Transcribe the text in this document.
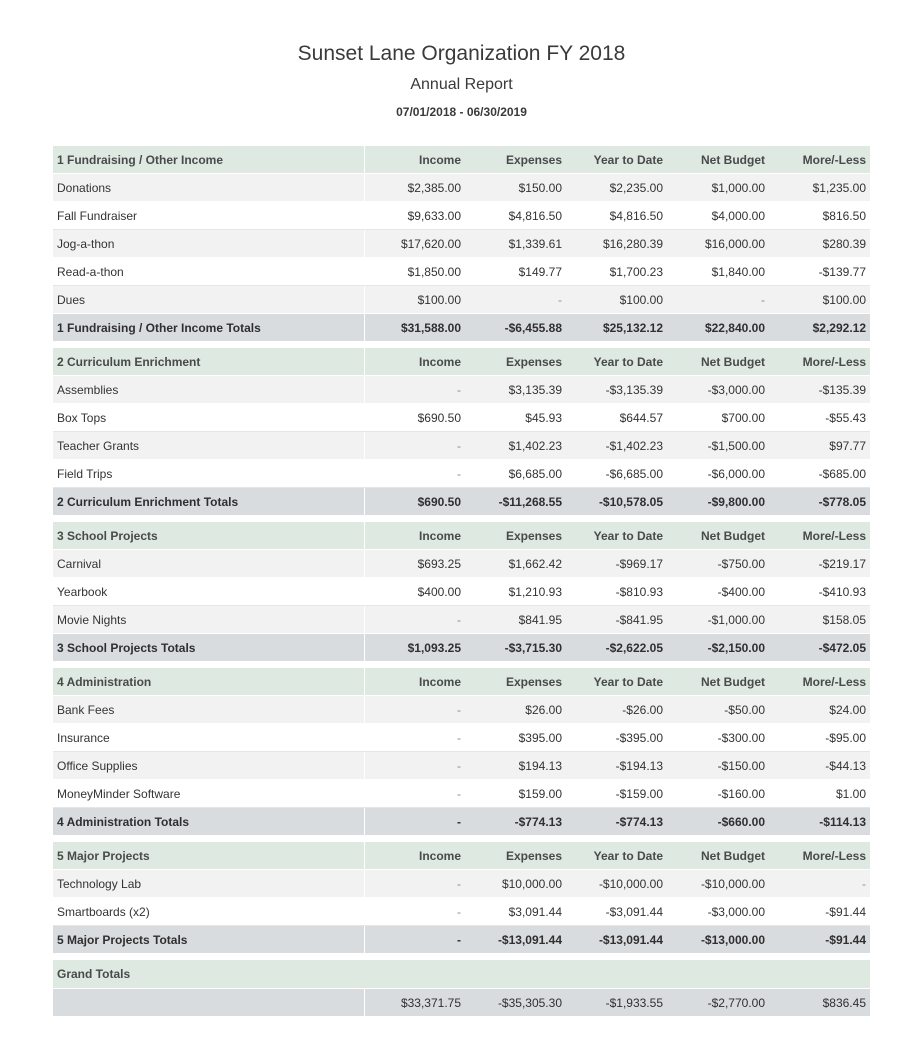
Sunset Lane Organization FY 2018
Annual Report
07/01/2018 - 06/30/2019
1 Fundraising / Other Income	Income	Expenses	Year to Date	Net Budget	More/-Less
Donations	$2,385.00	$150.00	$2,235.00	$1,000.00	$1,235.00
Fall Fundraiser	$9,633.00	$4,816.50	$4,816.50	$4,000.00	$816.50
Jog-a-thon	$17,620.00	$1,339.61	$16,280.39	$16,000.00	$280.39
Read-a-thon	$1,850.00	$149.77	$1,700.23	$1,840.00	-$139.77
Dues	$100.00	-	$100.00	-	$100.00
1 Fundraising / Other Income Totals	$31,588.00	-$6,455.88	$25,132.12	$22,840.00	$2,292.12

2 Curriculum Enrichment	Income	Expenses	Year to Date	Net Budget	More/-Less
Assemblies	-	$3,135.39	-$3,135.39	-$3,000.00	-$135.39
Box Tops	$690.50	$45.93	$644.57	$700.00	-$55.43
Teacher Grants	-	$1,402.23	-$1,402.23	-$1,500.00	$97.77
Field Trips	-	$6,685.00	-$6,685.00	-$6,000.00	-$685.00
2 Curriculum Enrichment Totals	$690.50	-$11,268.55	-$10,578.05	-$9,800.00	-$778.05

3 School Projects	Income	Expenses	Year to Date	Net Budget	More/-Less
Carnival	$693.25	$1,662.42	-$969.17	-$750.00	-$219.17
Yearbook	$400.00	$1,210.93	-$810.93	-$400.00	-$410.93
Movie Nights	-	$841.95	-$841.95	-$1,000.00	$158.05
3 School Projects Totals	$1,093.25	-$3,715.30	-$2,622.05	-$2,150.00	-$472.05

4 Administration	Income	Expenses	Year to Date	Net Budget	More/-Less
Bank Fees	-	$26.00	-$26.00	-$50.00	$24.00
Insurance	-	$395.00	-$395.00	-$300.00	-$95.00
Office Supplies	-	$194.13	-$194.13	-$150.00	-$44.13
MoneyMinder Software	-	$159.00	-$159.00	-$160.00	$1.00
4 Administration Totals	-	-$774.13	-$774.13	-$660.00	-$114.13

5 Major Projects	Income	Expenses	Year to Date	Net Budget	More/-Less
Technology Lab	-	$10,000.00	-$10,000.00	-$10,000.00	-
Smartboards (x2)	-	$3,091.44	-$3,091.44	-$3,000.00	-$91.44
5 Major Projects Totals	-	-$13,091.44	-$13,091.44	-$13,000.00	-$91.44

Grand Totals					
	$33,371.75	-$35,305.30	-$1,933.55	-$2,770.00	$836.45
